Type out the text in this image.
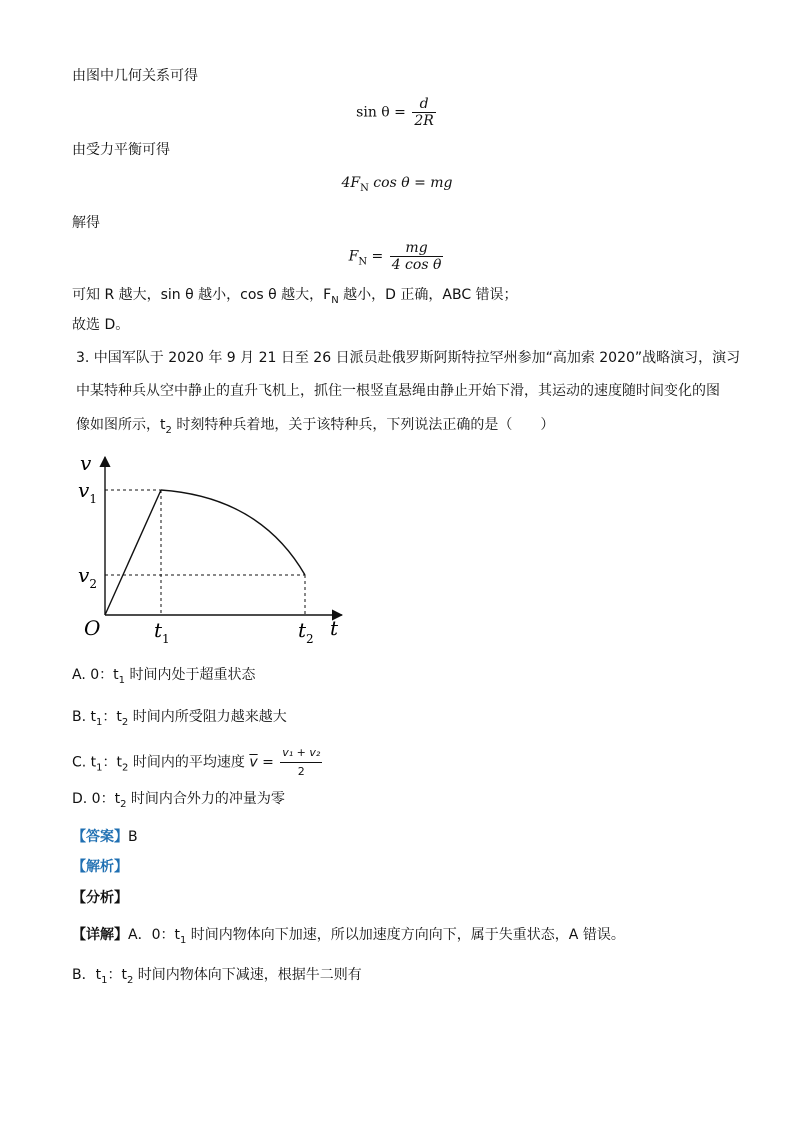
由图中几何关系可得
$\sin \theta = \frac{d}{2R}$
由受力平衡可得
$4F_N$ cos θ = mg
解得
$F_N = \frac{mg}{\text{4 cos θ}}$
可知 R 越大，sin θ 越小，cos θ 越大，$F_N$ 越小，D 正确，ABC 错误；
故选 D。
3. 中国军队于 2020 年 9 月 21 日至 26 日派员赴俄罗斯阿斯特拉罕州参加“高加索 2020”战略演习，演习
中某特种兵从空中静止的直升飞机上，抓住一根竖直悬绳由静止开始下滑，其运动的速度随时间变化的图
像如图所示，$t_2$ 时刻特种兵着地，关于该特种兵，下列说法正确的是（　　）
v
t
O
$v_1$
$v_2$
$t_1$	$t_2$
A. 0：$t_1$ 时间内处于超重状态
B. $t_1$：$t_2$ 时间内所受阻力越来越大
C. $t_1$：$t_2$ 时间内的平均速度 $\overline{v} = \frac{\text{v₁ + v₂}}{2}$
D. 0：$t_2$ 时间内合外力的冲量为零
【答案】B
【解析】
【分析】
【详解】A．0：$t_1$ 时间内物体向下加速，所以加速度方向向下，属于失重状态，A 错误。
B．$t_1$：$t_2$ 时间内物体向下减速，根据牛二则有
